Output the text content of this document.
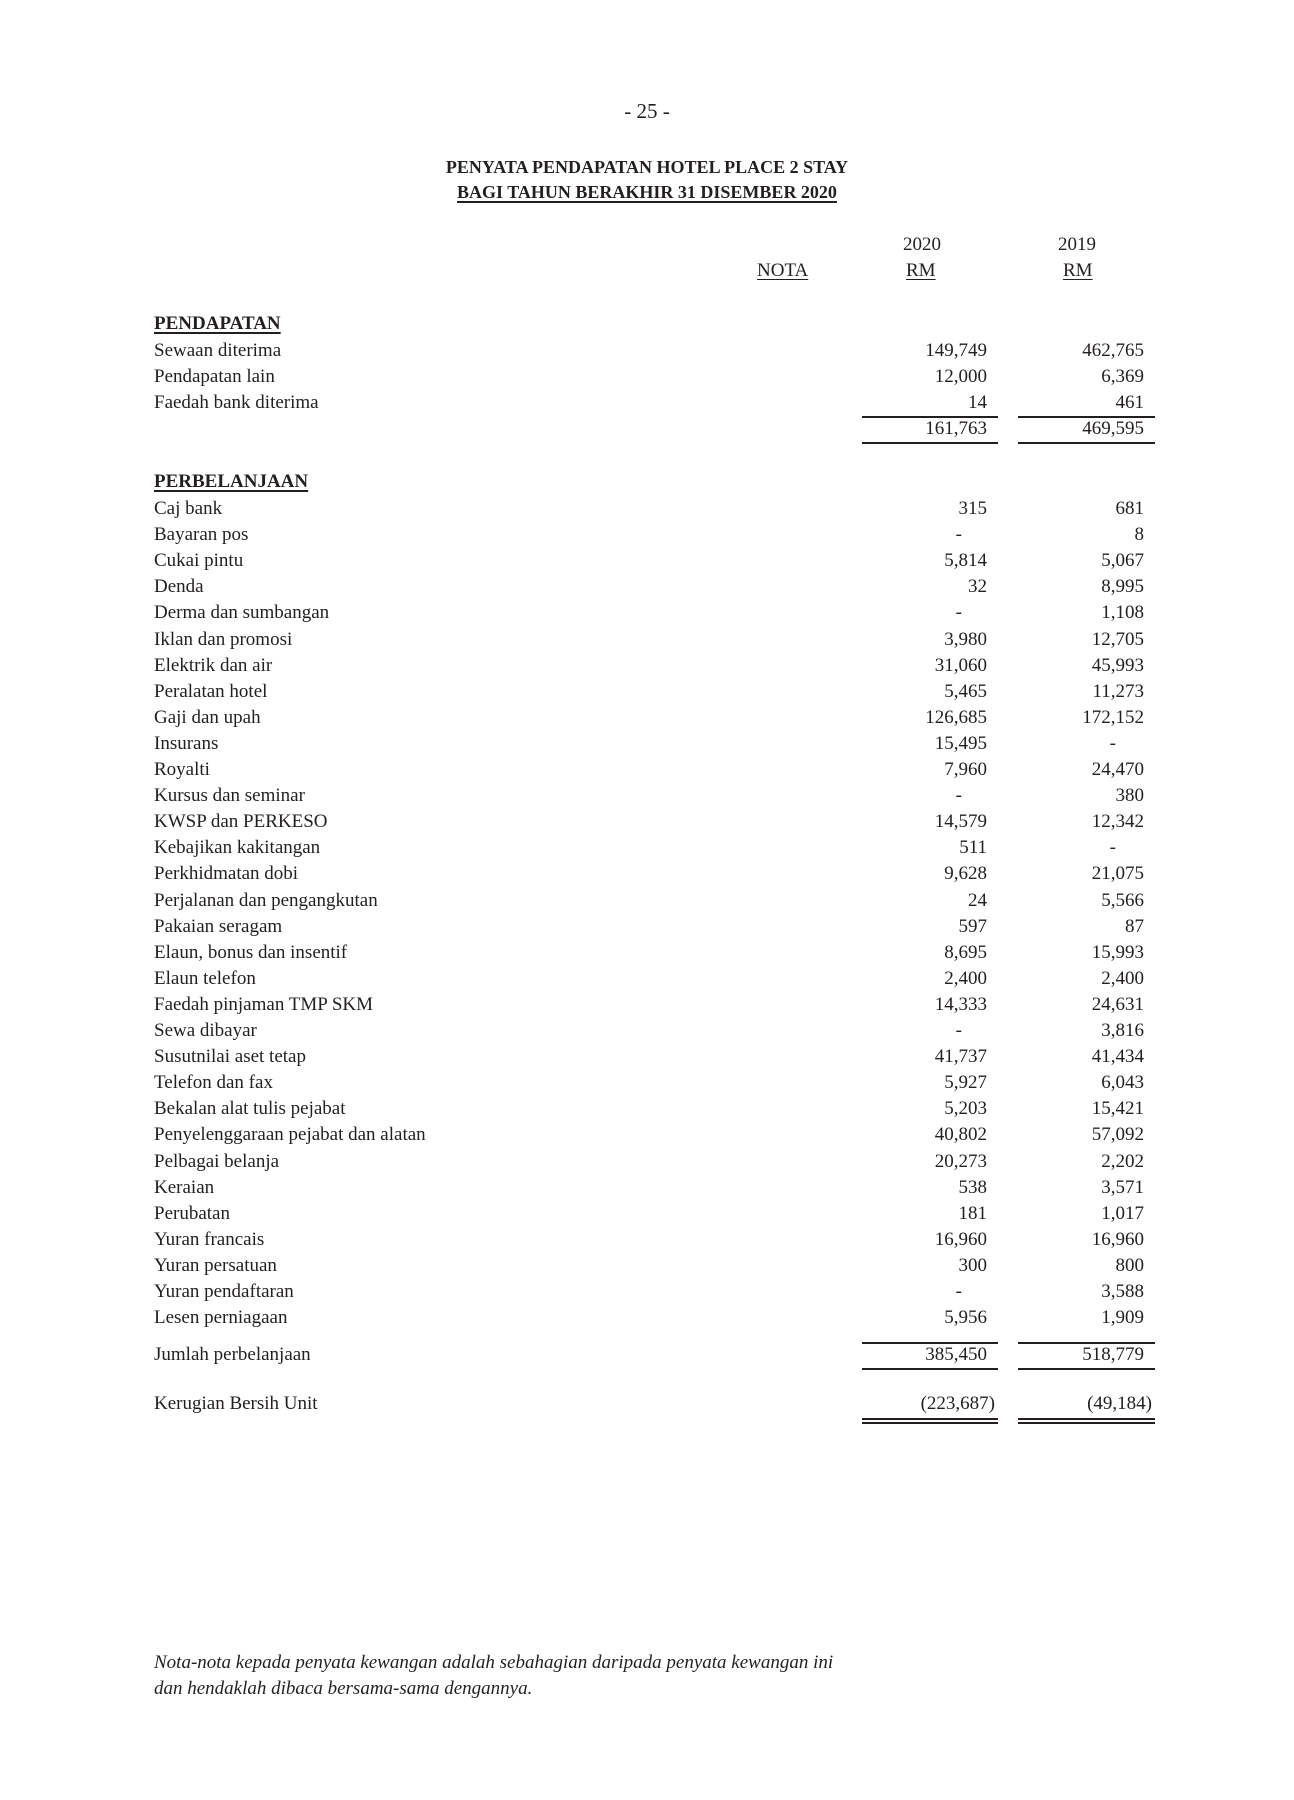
- 25 -
PENYATA PENDAPATAN HOTEL PLACE 2 STAY
BAGI TAHUN BERAKHIR 31 DISEMBER 2020
2020	2019
NOTA	RM	RM
PENDAPATAN
Sewaan diterima	149,749	462,765
Pendapatan lain	12,000	6,369
Faedah bank diterima	14	461
161,763	469,595
PERBELANJAAN
Caj bank	315	681
Bayaran pos	-	8
Cukai pintu	5,814	5,067
Denda	32	8,995
Derma dan sumbangan	-	1,108
Iklan dan promosi	3,980	12,705
Elektrik dan air	31,060	45,993
Peralatan hotel	5,465	11,273
Gaji dan upah	126,685	172,152
Insurans	15,495	-
Royalti	7,960	24,470
Kursus dan seminar	-	380
KWSP dan PERKESO	14,579	12,342
Kebajikan kakitangan	511	-
Perkhidmatan dobi	9,628	21,075
Perjalanan dan pengangkutan	24	5,566
Pakaian seragam	597	87
Elaun, bonus dan insentif	8,695	15,993
Elaun telefon	2,400	2,400
Faedah pinjaman TMP SKM	14,333	24,631
Sewa dibayar	-	3,816
Susutnilai aset tetap	41,737	41,434
Telefon dan fax	5,927	6,043
Bekalan alat tulis pejabat	5,203	15,421
Penyelenggaraan pejabat dan alatan	40,802	57,092
Pelbagai belanja	20,273	2,202
Keraian	538	3,571
Perubatan	181	1,017
Yuran francais	16,960	16,960
Yuran persatuan	300	800
Yuran pendaftaran	-	3,588
Lesen perniagaan	5,956	1,909
Jumlah perbelanjaan	385,450	518,779
Kerugian Bersih Unit	(223,687)	(49,184)
Nota-nota kepada penyata kewangan adalah sebahagian daripada penyata kewangan ini
dan hendaklah dibaca bersama-sama dengannya.
